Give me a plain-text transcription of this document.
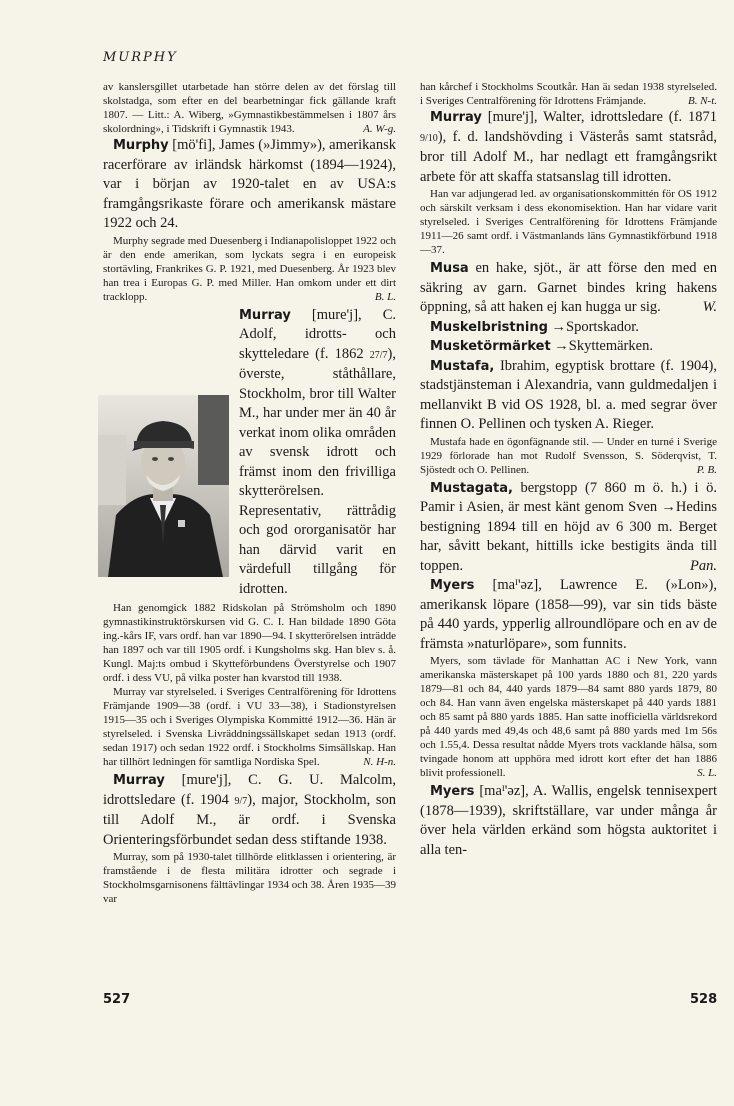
MURPHY

av kanslersgillet utarbetade han större delen av det förslag till skolstadga, som efter en del bearbetningar fick gällande kraft 1807. — Litt.: A. Wiberg, »Gymnastikbestämmelsen i 1807 års skolordning», i Tidskrift i Gymnastik 1943.	A. W-g.

Murphy [mö'fi], James (»Jimmy»), amerikansk racerförare av irländsk härkomst (1894—1924), var i början av 1920-talet en av USA:s framgångsrikaste förare och amerikansk mästare 1922 och 24.

Murphy segrade med Duesenberg i Indianapolisloppet 1922 och är den ende amerikan, som lyckats segra i en europeisk stortävling, Frankrikes G. P. 1921, med Duesenberg. År 1923 blev han trea i Europas G. P. med Miller. Han omkom under ett dirt tracklopp.	B. L.

Murray [mure'j], C. Adolf, idrotts- och skytteledare (f. 1862 27/7), överste, ståthållare, Stockholm, bror till Walter M., har under mer än 40 år verkat inom olika områden av svensk idrott och främst inom den frivilliga skytterörelsen. Representativ, rättrådig och god ororganisatör har han därvid varit en värdefull tillgång för idrotten.

Han genomgick 1882 Ridskolan på Strömsholm och 1890 gymnastikinstruktörskursen vid G. C. I. Han bildade 1890 Göta ing.-kårs IF, vars ordf. han var 1890—94. I skytterörelsen inträdde han 1897 och var till 1905 ordf. i Kungsholms skg. Han blev s. å. Kungl. Maj:ts ombud i Skytteförbundens Överstyrelse och 1907 ordf. i dess VU, på vilka poster han kvarstod till 1938.

Murray var styrelseled. i Sveriges Centralförening för Idrottens Främjande 1909—38 (ordf. i VU 33—38), i Stadionstyrelsen 1915—35 och i Sveriges Olympiska Kommitté 1912—36. Hän är styrelseled. i Svenska Livräddningssällskapet sedan 1913 (ordf. sedan 1917) och sedan 1922 ordf. i Stockholms Simsällskap. Han har tillhört ledningen för samtliga Nordiska Spel.	N. H-n.

Murray [mure'j], C. G. U. Malcolm, idrottsledare (f. 1904 9/7), major, Stockholm, son till Adolf M., är ordf. i Svenska Orienteringsförbundet sedan dess stiftande 1938.

Murray, som på 1930-talet tillhörde elitklassen i orientering, är framstående i de flesta militära idrotter och segrade i Stockholmsgarnisonens fälttävlingar 1934 och 38. Åren 1935—39 var

han kårchef i Stockholms Scoutkår. Han äı sedan 1938 styrelseled. i Sveriges Centralförening för Idrottens Främjande.	B. N-t.

Murray [mure'j], Walter, idrottsledare (f. 1871 9/10), f. d. landshövding i Västerås samt statsråd, bror till Adolf M., har nedlagt ett framgångsrikt arbete för att skaffa statsanslag till idrotten.

Han var adjungerad led. av organisationskommittén för OS 1912 och särskilt verksam i dess ekonomisektion. Han har vidare varit styrelseled. i Sveriges Centralförening för Idrottens Främjande 1911—26 samt ordf. i Västmanlands läns Gymnastikförbund 1918—37.

Musa en hake, sjöt., är att förse den med en säkring av garn. Garnet bindes kring hakens öppning, så att haken ej kan hugga ur sig.	W.

Muskelbristning →Sportskador.

Musketörmärket →Skyttemärken.

Mustafa, Ibrahim, egyptisk brottare (f. 1904), stadstjänsteman i Alexandria, vann guldmedaljen i mellanvikt B vid OS 1928, bl. a. med segrar över finnen O. Pellinen och tysken A. Rieger.

Mustafa hade en ögonfägnande stil. — Under en turné i Sverige 1929 förlorade han mot Rudolf Svensson, S. Söderqvist, T. Sjöstedt och O. Pellinen.	P. B.

Mustagata, bergstopp (7 860 m ö. h.) i ö. Pamir i Asien, är mest känt genom Sven →Hedins bestigning 1894 till en höjd av 6 300 m. Berget har, såvitt bekant, hittills icke bestigits ända till toppen.	Pan.

Myers [maᴵ'əz], Lawrence E. (»Lon»), amerikansk löpare (1858—99), var sin tids bäste på 440 yards, ypperlig allroundlöpare och en av de främsta »naturlöpare», som funnits.

Myers, som tävlade för Manhattan AC i New York, vann amerikanska mästerskapet på 100 yards 1880 och 81, 220 yards 1879—81 och 84, 440 yards 1879—84 samt 880 yards 1879, 80 och 84. Han vann även engelska mästerskapet på 440 yards 1881 och 85 samt på 880 yards 1885. Han satte inofficiella världsrekord på 440 yards med 49,4s och 48,6 samt på 880 yards med 1m 56s och 1.55,4. Dessa resultat nådde Myers trots vacklande hälsa, som tvingade honom att upphöra med idrott kort efter det han 1886 blivit professionell.	S. L.

Myers [maᴵ'əz], A. Wallis, engelsk tennisexpert (1878—1939), skriftställare, var under många år över hela världen erkänd som högsta auktoritet i alla ten-

527	528
